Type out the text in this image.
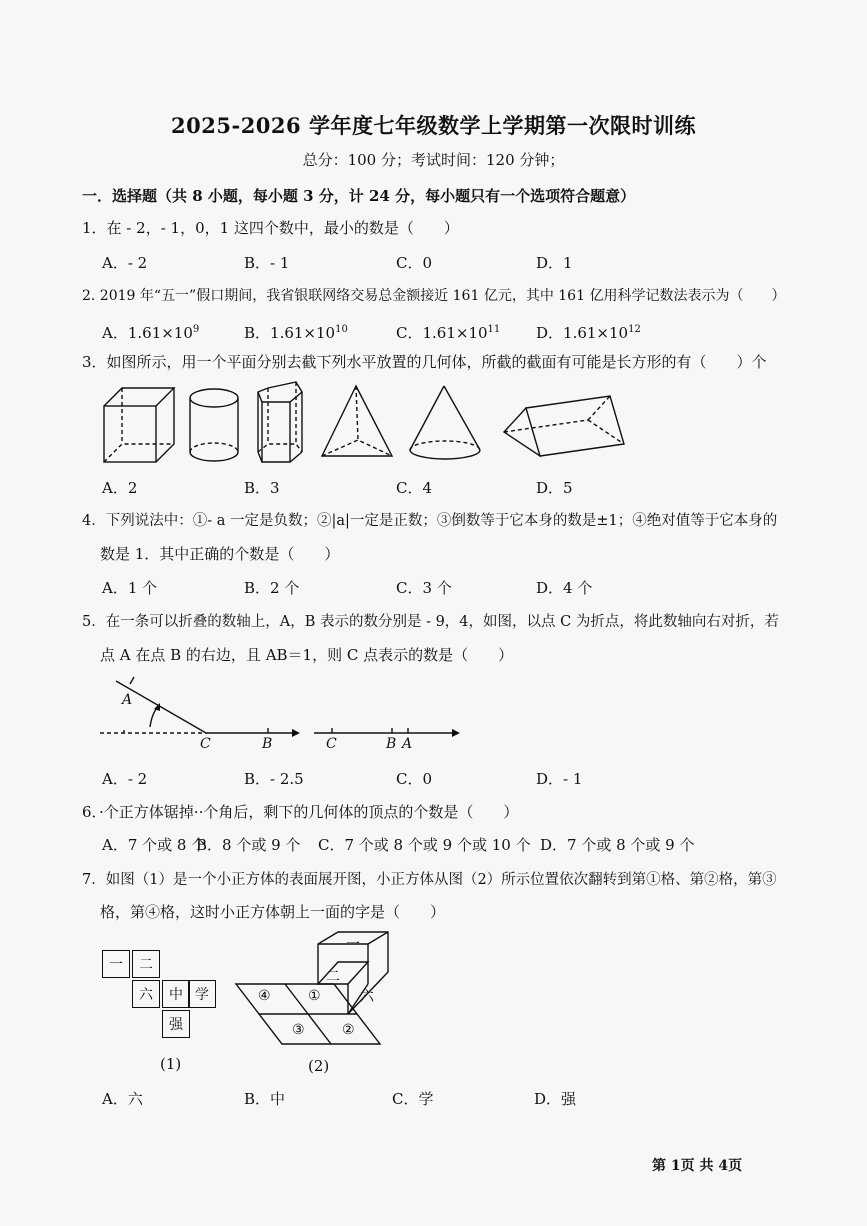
2025-2026 学年度七年级数学上学期第一次限时训练
总分：100 分；考试时间：120 分钟；
一．选择题（共 8 小题，每小题 3 分，计 24 分，每小题只有一个选项符合题意）
1．在 - 2，- 1，0，1 这四个数中，最小的数是（　　）
A．- 2	B．- 1	C．0	D．1
2. 2019 年“五一”假口期间，我省银联网络交易总金额接近 161 亿元，其中 161 亿用科学记数法表示为（　　）
A．$1.61\times 10^9$	B．$1.61\times 10^{10}$	C．$1.61\times 10^{11}$ D．$1.61\times 10^{12}$
3．如图所示，用一个平面分别去截下列水平放置的几何体，所截的截面有可能是长方形的有（　　）个
A．2	B．3	C．4	D．5
4．下列说法中：①- a 一定是负数；②|a|一定是正数；③倒数等于它本身的数是±1；④绝对值等于它本身的
数是 1．其中正确的个数是（　　）
A．1 个	B．2 个	C．3 个	D．4 个
5．在一条可以折叠的数轴上，A，B 表示的数分别是 - 9，4，如图，以点 C 为折点，将此数轴向右对折，若
点 A 在点 B 的右边，且 AB＝1，则 C 点表示的数是（　　）
A
C	B	C	B A
A．- 2	B．- 2.5	C．0	D．- 1
6．·个正方体锯掉··个角后，剩下的几何体的顶点的个数是（　　）
A．7 个或 8 个
B．8 个或 9 个 C．7 个或 8 个或 9 个或 10 个 D．7 个或 8 个或 9 个
7．如图（1）是一个小正方体的表面展开图，小正方体从图（2）所示位置依次翻转到第①格、第②格，第③
格，第④格，这时小正方体朝上一面的字是（　　）
一	二
六	中 学
强
(1)
④	①
③	②
一
二
六
(2)
A．六	B．中	C．学	D．强
第 1页 共 4页
